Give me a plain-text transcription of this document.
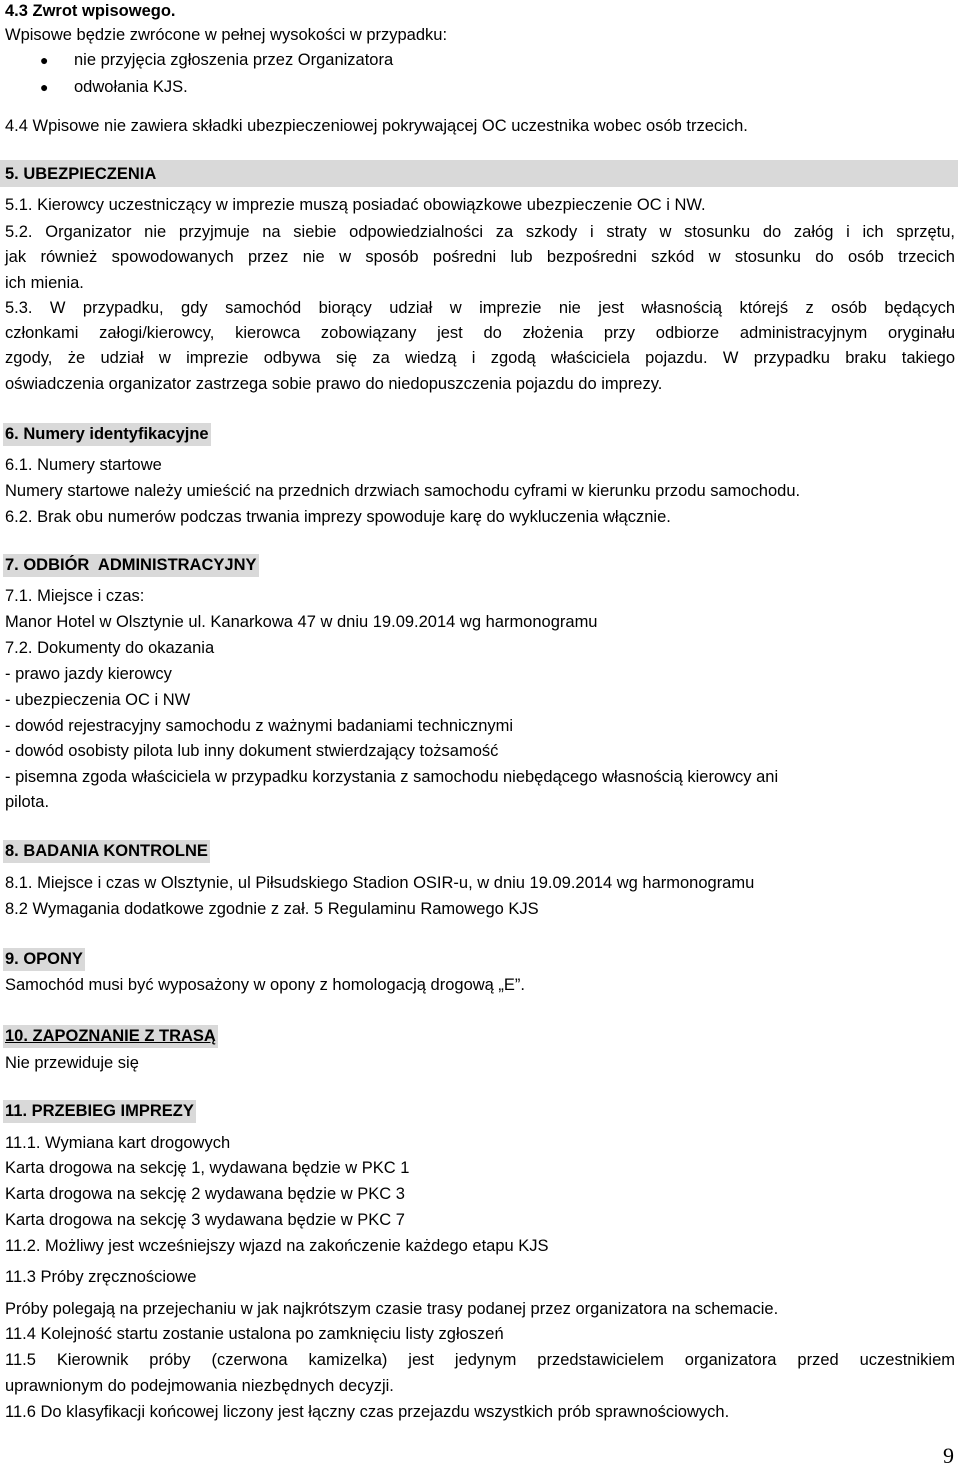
4.3 Zwrot wpisowego.
Wpisowe będzie zwrócone w pełnej wysokości w przypadku:
● nie przyjęcia zgłoszenia przez Organizatora
● odwołania KJS.
4.4 Wpisowe nie zawiera składki ubezpieczeniowej pokrywającej OC uczestnika wobec osób trzecich.
5. UBEZPIECZENIA
5.1. Kierowcy uczestniczący w imprezie muszą posiadać obowiązkowe ubezpieczenie OC i NW.
5.2. Organizator nie przyjmuje na siebie odpowiedzialności za szkody i straty w stosunku do załóg i ich sprzętu,
jak również spowodowanych przez nie w sposób pośredni lub bezpośredni szkód w stosunku do osób trzecich
ich mienia.
5.3. W przypadku, gdy samochód biorący udział w imprezie nie jest własnością którejś z osób będących
członkami załogi/kierowcy, kierowca zobowiązany jest do złożenia przy odbiorze administracyjnym oryginału
zgody, że udział w imprezie odbywa się za wiedzą i zgodą właściciela pojazdu. W przypadku braku takiego
oświadczenia organizator zastrzega sobie prawo do niedopuszczenia pojazdu do imprezy.
6. Numery identyfikacyjne
6.1. Numery startowe
Numery startowe należy umieścić na przednich drzwiach samochodu cyframi w kierunku przodu samochodu.
6.2. Brak obu numerów podczas trwania imprezy spowoduje karę do wykluczenia włącznie.
7. ODBIÓR  ADMINISTRACYJNY
7.1. Miejsce i czas:
Manor Hotel w Olsztynie ul. Kanarkowa 47 w dniu 19.09.2014 wg harmonogramu
7.2. Dokumenty do okazania
- prawo jazdy kierowcy
- ubezpieczenia OC i NW
- dowód rejestracyjny samochodu z ważnymi badaniami technicznymi
- dowód osobisty pilota lub inny dokument stwierdzający tożsamość
- pisemna zgoda właściciela w przypadku korzystania z samochodu niebędącego własnością kierowcy ani
pilota.
8. BADANIA KONTROLNE
8.1. Miejsce i czas w Olsztynie, ul Piłsudskiego Stadion OSIR-u, w dniu 19.09.2014 wg harmonogramu
8.2 Wymagania dodatkowe zgodnie z zał. 5 Regulaminu Ramowego KJS
9. OPONY
Samochód musi być wyposażony w opony z homologacją drogową „E”.
10. ZAPOZNANIE Z TRASĄ
Nie przewiduje się
11. PRZEBIEG IMPREZY
11.1. Wymiana kart drogowych
Karta drogowa na sekcję 1, wydawana będzie w PKC 1
Karta drogowa na sekcję 2 wydawana będzie w PKC 3
Karta drogowa na sekcję 3 wydawana będzie w PKC 7
11.2. Możliwy jest wcześniejszy wjazd na zakończenie każdego etapu KJS
11.3 Próby zręcznościowe
Próby polegają na przejechaniu w jak najkrótszym czasie trasy podanej przez organizatora na schemacie.
11.4 Kolejność startu zostanie ustalona po zamknięciu listy zgłoszeń
11.5 Kierownik próby (czerwona kamizelka) jest jedynym przedstawicielem organizatora przed uczestnikiem
uprawnionym do podejmowania niezbędnych decyzji.
11.6 Do klasyfikacji końcowej liczony jest łączny czas przejazdu wszystkich prób sprawnościowych.
9
